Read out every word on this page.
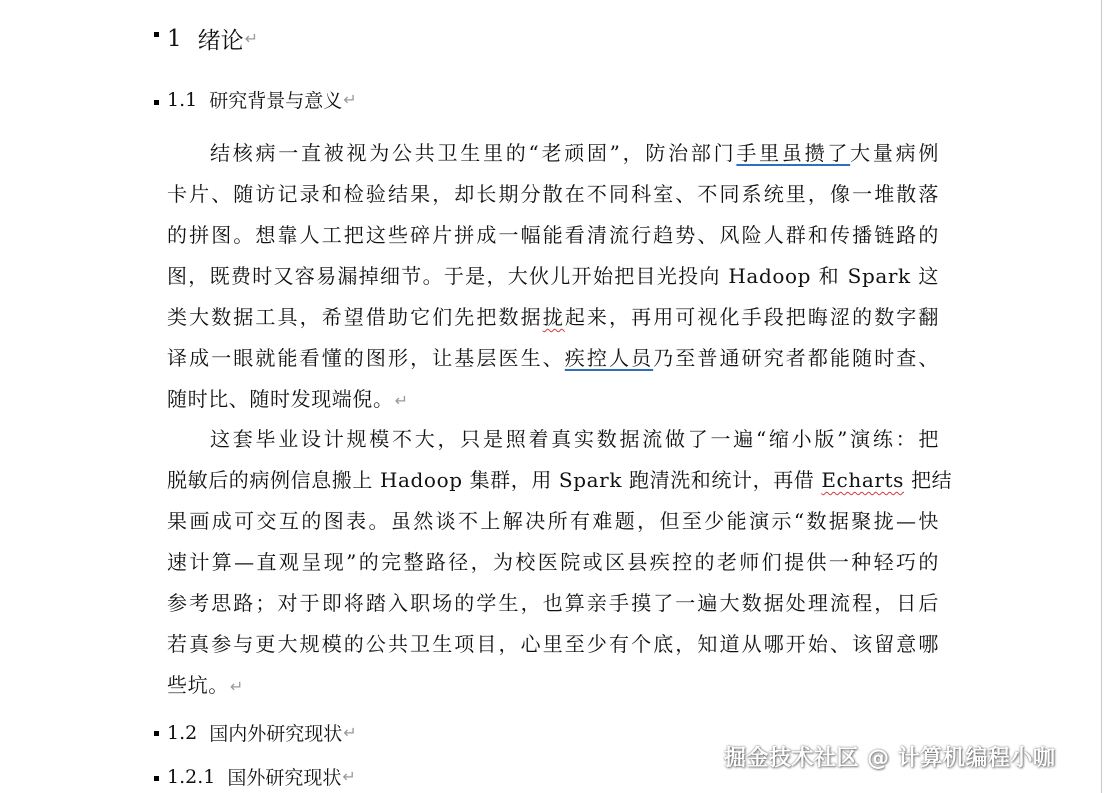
1 绪论 ↵
1.1 研究背景与意义 ↵
结核病一直被视为公共卫生里的“老顽固”，防治部门手里虽攒了大量病例
卡片、随访记录和检验结果，却长期分散在不同科室、不同系统里，像一堆散落
的拼图。想靠人工把这些碎片拼成一幅能看清流行趋势、风险人群和传播链路的
图，既费时又容易漏掉细节。于是，大伙儿开始把目光投向 Hadoop 和 Spark 这
类大数据工具，希望借助它们先把数据拢起来，再用可视化手段把晦涩的数字翻
译成一眼就能看懂的图形，让基层医生、疾控人员乃至普通研究者都能随时查、
随时比、随时发现端倪。↵
这套毕业设计规模不大，只是照着真实数据流做了一遍“缩小版”演练：把
脱敏后的病例信息搬上 Hadoop 集群，用 Spark 跑清洗和统计，再借 Echarts 把结
果画成可交互的图表。虽然谈不上解决所有难题，但至少能演示“数据聚拢—快
速计算—直观呈现”的完整路径，为校医院或区县疾控的老师们提供一种轻巧的
参考思路；对于即将踏入职场的学生，也算亲手摸了一遍大数据处理流程，日后
若真参与更大规模的公共卫生项目，心里至少有个底，知道从哪开始、该留意哪
些坑。↵
1.2 国内外研究现状 ↵
1.2.1 国外研究现状 ↵
掘金技术社区 @ 计算机编程小咖
